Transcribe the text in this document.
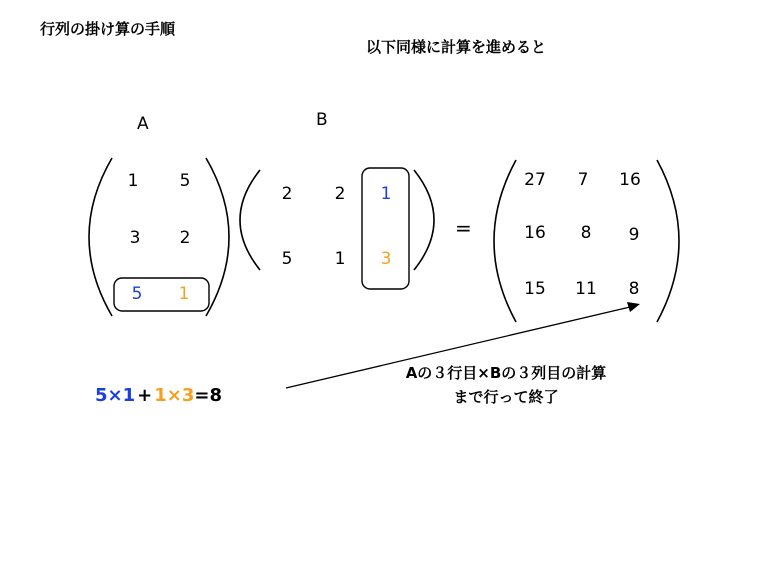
行列の掛け算の手順
以下同様に計算を進めると
A	B
1	5
3	2
5	1
2	2	1
5	1	3
=
27	7	16
16	8	9
15	11	8
5×1 + 1×3=8
Aの３行目×Bの３列目の計算
まで行って終了
